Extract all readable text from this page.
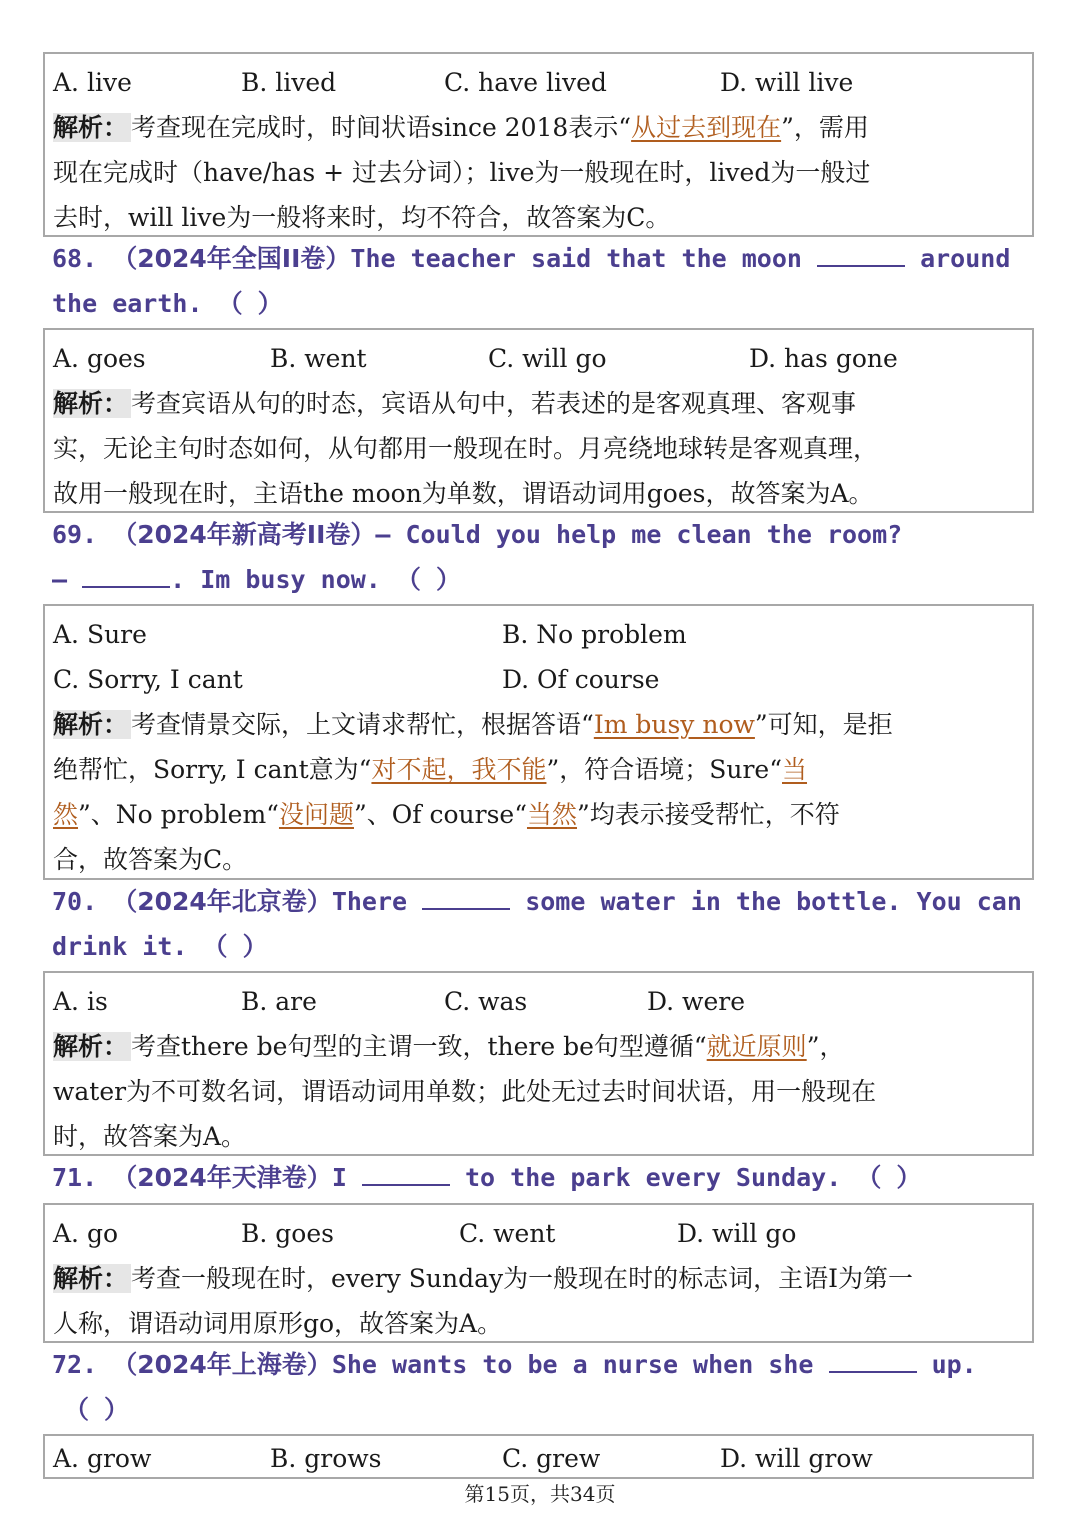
A. live	B. lived	C. have lived	D. will live
解析： 考查现在完成时，时间状语since 2018表示“从过去到现在”，需用
现在完成时（have/has + 过去分词）；live为一般现在时，lived为一般过
去时，will live为一般将来时，均不符合，故答案为C。
68. （2024年全国II卷）The teacher said that the moon	around
the earth. （ ）
A. goes	B. went	C. will go	D. has gone
解析： 考查宾语从句的时态，宾语从句中，若表述的是客观真理、客观事
实，无论主句时态如何，从句都用一般现在时。月亮绕地球转是客观真理，
故用一般现在时，主语the moon为单数，谓语动词用goes，故答案为A。
69. （2024年新高考II卷）— Could you help me clean the room?
—	. Im busy now. （ ）
A. Sure	B. No problem
C. Sorry, I cant	D. Of course
解析： 考查情景交际，上文请求帮忙，根据答语“Im busy now”可知，是拒
绝帮忙，Sorry, I cant意为“对不起，我不能”，符合语境；Sure“当
然”、No problem“没问题”、Of course“当然”均表示接受帮忙，不符
合，故答案为C。
70. （2024年北京卷）There	some water in the bottle. You can
drink it. （ ）
A. is	B. are	C. was	D. were
解析： 考查there be句型的主谓一致，there be句型遵循“就近原则”，
water为不可数名词，谓语动词用单数；此处无过去时间状语，用一般现在
时，故答案为A。
71. （2024年天津卷）I	to the park every Sunday. （ ）
A. go	B. goes	C. went	D. will go
解析： 考查一般现在时，every Sunday为一般现在时的标志词，主语I为第一
人称，谓语动词用原形go，故答案为A。
72. （2024年上海卷）She wants to be a nurse when she	up.
（ ）
A. grow	B. grows	C. grew	D. will grow
第15页，共34页
